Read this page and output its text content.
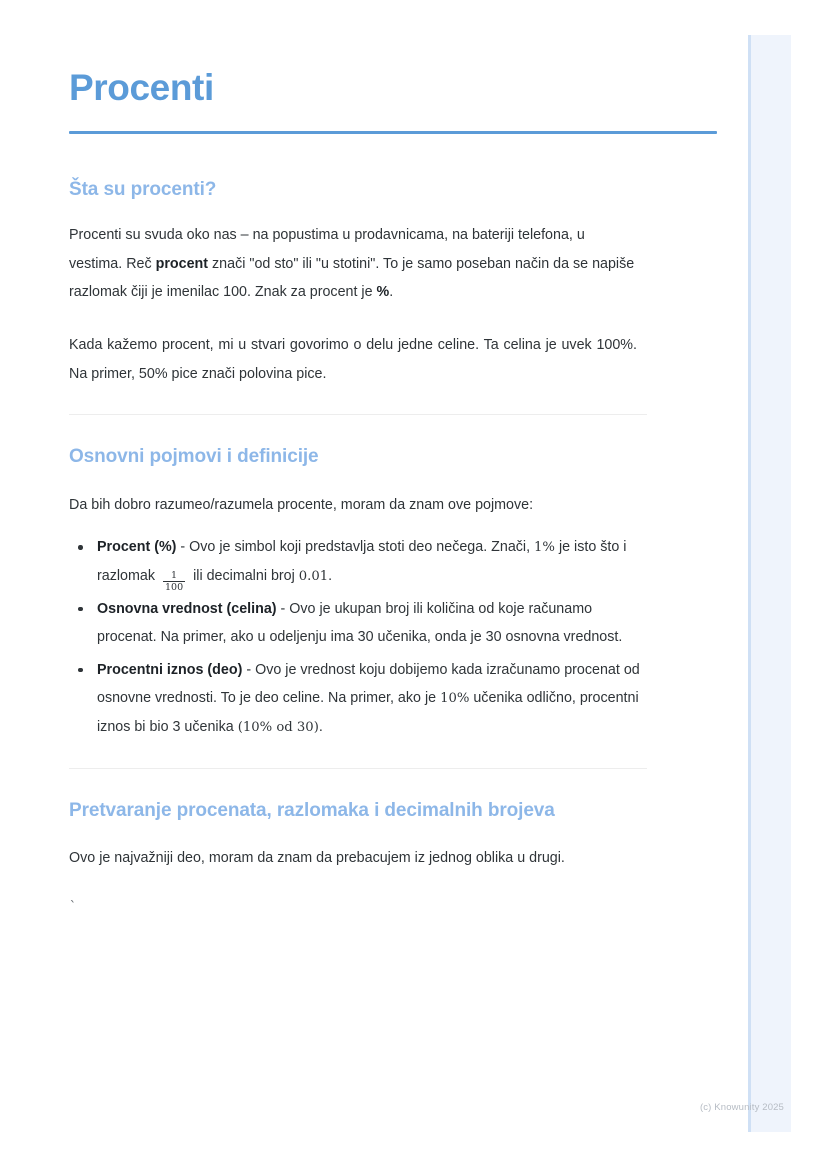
Procenti
Šta su procenti?

Procenti su svuda oko nas – na popustima u prodavnicama, na bateriji telefona, u vestima. Reč procent znači "od sto" ili "u stotini". To je samo poseban način da se napiše razlomak čiji je imenilac 100. Znak za procent je %.

Kada kažemo procent, mi u stvari govorimo o delu jedne celine. Ta celina je uvek 100%. Na primer, 50% pice znači polovina pice.

Osnovni pojmovi i definicije

Da bih dobro razumeo/razumela procente, moram da znam ove pojmove:

Procent (%) - Ovo je simbol koji predstavlja stoti deo nečega. Znači, 1% je isto što i razlomak $\frac{1}{100}$ ili decimalni broj 0.01.
Osnovna vrednost (celina) - Ovo je ukupan broj ili količina od koje računamo procenat. Na primer, ako u odeljenju ima 30 učenika, onda je 30 osnovna vrednost.
Procentni iznos (deo) - Ovo je vrednost koju dobijemo kada izračunamo procenat od osnovne vrednosti. To je deo celine. Na primer, ako je 10% učenika odlično, procentni iznos bi bio 3 učenika (10% od 30).
Pretvaranje procenata, razlomaka i decimalnih brojeva

Ovo je najvažniji deo, moram da znam da prebacujem iz jednog oblika u drugi.

`
(c) Knowunity 2025
